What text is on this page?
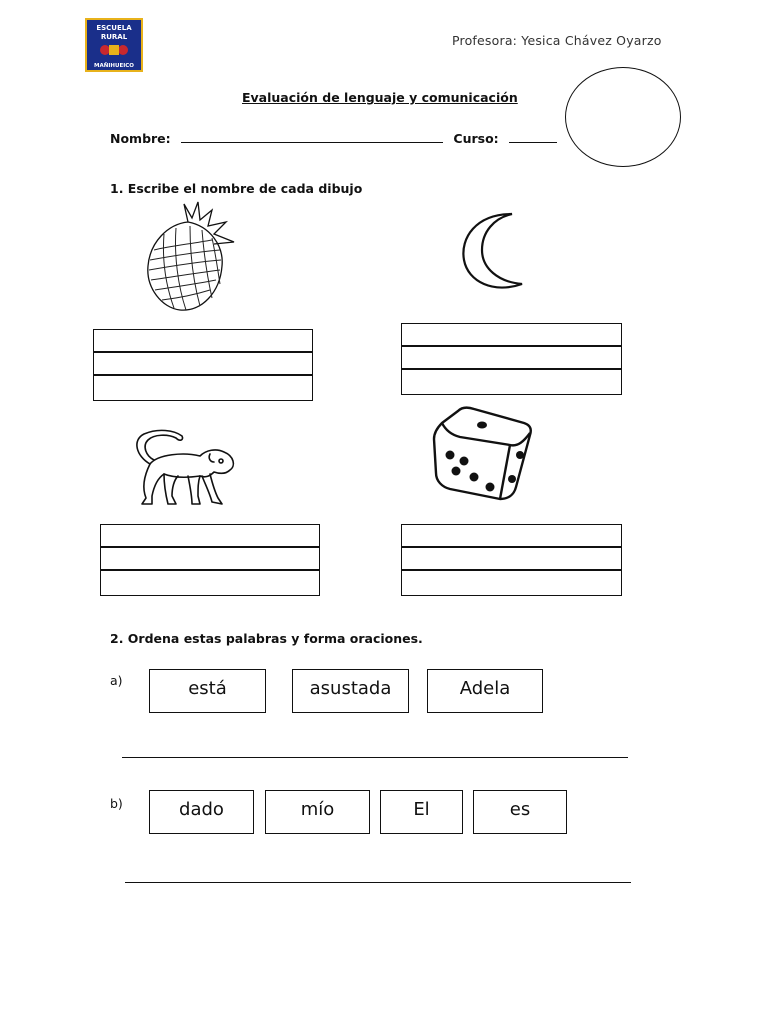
ESCUELA
RURAL
MAÑIHUEICO
Profesora: Yesica Chávez Oyarzo
Evaluación de lenguaje y comunicación
Nombre:	Curso:
1. Escribe el nombre de cada dibujo
2. Ordena estas palabras y forma oraciones.
a)	está	asustada	Adela
b)	dado	mío	El	es
